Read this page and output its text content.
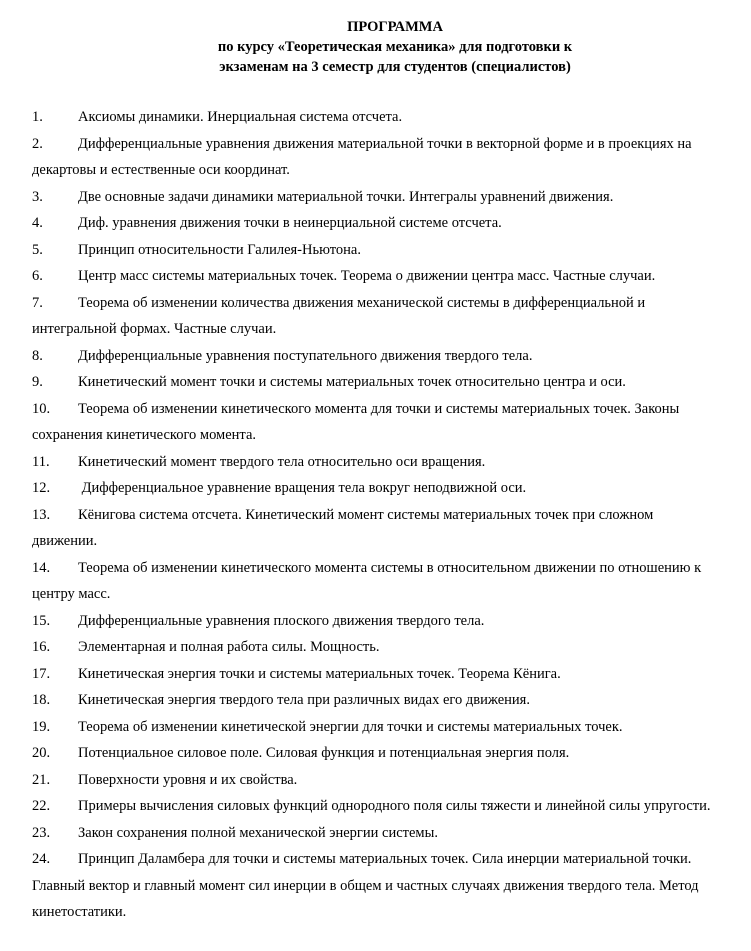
ПРОГРАММА
по курсу «Теоретическая механика» для подготовки к
экзаменам на 3 семестр для студентов (специалистов)

1. Аксиомы динамики. Инерциальная система отсчета.

2. Дифференциальные уравнения движения материальной точки в векторной форме и в проекциях на декартовы и естественные оси координат.

3. Две основные задачи динамики материальной точки. Интегралы уравнений движения.

4. Диф. уравнения движения точки в неинерциальной системе отсчета.

5. Принцип относительности Галилея-Ньютона.

6. Центр масс системы материальных точек. Теорема о движении центра масс. Частные случаи.

7. Теорема об изменении количества движения механической системы в дифференциальной и интегральной формах. Частные случаи.

8. Дифференциальные уравнения поступательного движения твердого тела.

9. Кинетический момент точки и системы материальных точек относительно центра и оси.

10. Теорема об изменении кинетического момента для точки и системы материальных точек. Законы сохранения кинетического момента.

11. Кинетический момент твердого тела относительно оси вращения.

12. Дифференциальное уравнение вращения тела вокруг неподвижной оси.

13. Кёнигова система отсчета. Кинетический момент системы материальных точек при сложном движении.

14. Теорема об изменении кинетического момента системы в относительном движении по отношению к центру масс.

15. Дифференциальные уравнения плоского движения твердого тела.

16. Элементарная и полная работа силы. Мощность.

17. Кинетическая энергия точки и системы материальных точек. Теорема Кёнига.

18. Кинетическая энергия твердого тела при различных видах его движения.

19. Теорема об изменении кинетической энергии для точки и системы материальных точек.

20. Потенциальное силовое поле. Силовая функция и потенциальная энергия поля.

21. Поверхности уровня и их свойства.

22. Примеры вычисления силовых функций однородного поля силы тяжести и линейной силы упругости.

23. Закон сохранения полной механической энергии системы.

24. Принцип Даламбера для точки и системы материальных точек. Сила инерции материальной точки. Главный вектор и главный момент сил инерции в общем и частных случаях движения твердого тела. Метод кинетостатики.
